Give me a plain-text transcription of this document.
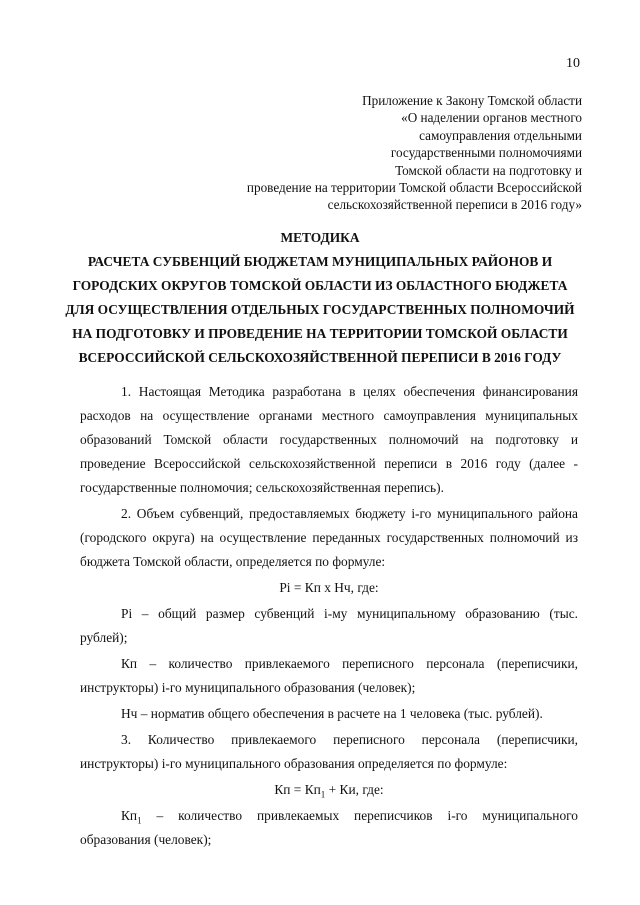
10
Приложение к Закону Томской области
«О наделении органов местного
самоуправления отдельными
государственными полномочиями
Томской области на подготовку и
проведение на территории Томской области Всероссийской
сельскохозяйственной переписи в 2016 году»
МЕТОДИКА
РАСЧЕТА СУБВЕНЦИЙ БЮДЖЕТАМ МУНИЦИПАЛЬНЫХ РАЙОНОВ И
ГОРОДСКИХ ОКРУГОВ ТОМСКОЙ ОБЛАСТИ ИЗ ОБЛАСТНОГО БЮДЖЕТА
ДЛЯ ОСУЩЕСТВЛЕНИЯ ОТДЕЛЬНЫХ ГОСУДАРСТВЕННЫХ ПОЛНОМОЧИЙ
НА ПОДГОТОВКУ И ПРОВЕДЕНИЕ НА ТЕРРИТОРИИ ТОМСКОЙ ОБЛАСТИ
ВСЕРОССИЙСКОЙ СЕЛЬСКОХОЗЯЙСТВЕННОЙ ПЕРЕПИСИ В 2016 ГОДУ

1. Настоящая Методика разработана в целях обеспечения финансирования расходов на осуществление органами местного самоуправления муниципальных образований Томской области государственных полномочий на подготовку и проведение Всероссийской сельскохозяйственной переписи в 2016 году (далее - государственные полномочия; сельскохозяйственная перепись).

2. Объем субвенций, предоставляемых бюджету i-го муниципального района (городского округа) на осуществление переданных государственных полномочий из бюджета Томской области, определяется по формуле:

Pi = Кп х Нч, где:

Pi – общий размер субвенций i-му муниципальному образованию (тыс. рублей);

Кп – количество привлекаемого переписного персонала (переписчики, инструкторы) i-го муниципального образования (человек);

Нч – норматив общего обеспечения в расчете на 1 человека (тыс. рублей).

3. Количество привлекаемого переписного персонала (переписчики, инструкторы) i-го муниципального образования определяется по формуле:

Кп = $Кп_1$ + Ки, где:

$Кп_1$ – количество привлекаемых переписчиков i-го муниципального образования (человек);
